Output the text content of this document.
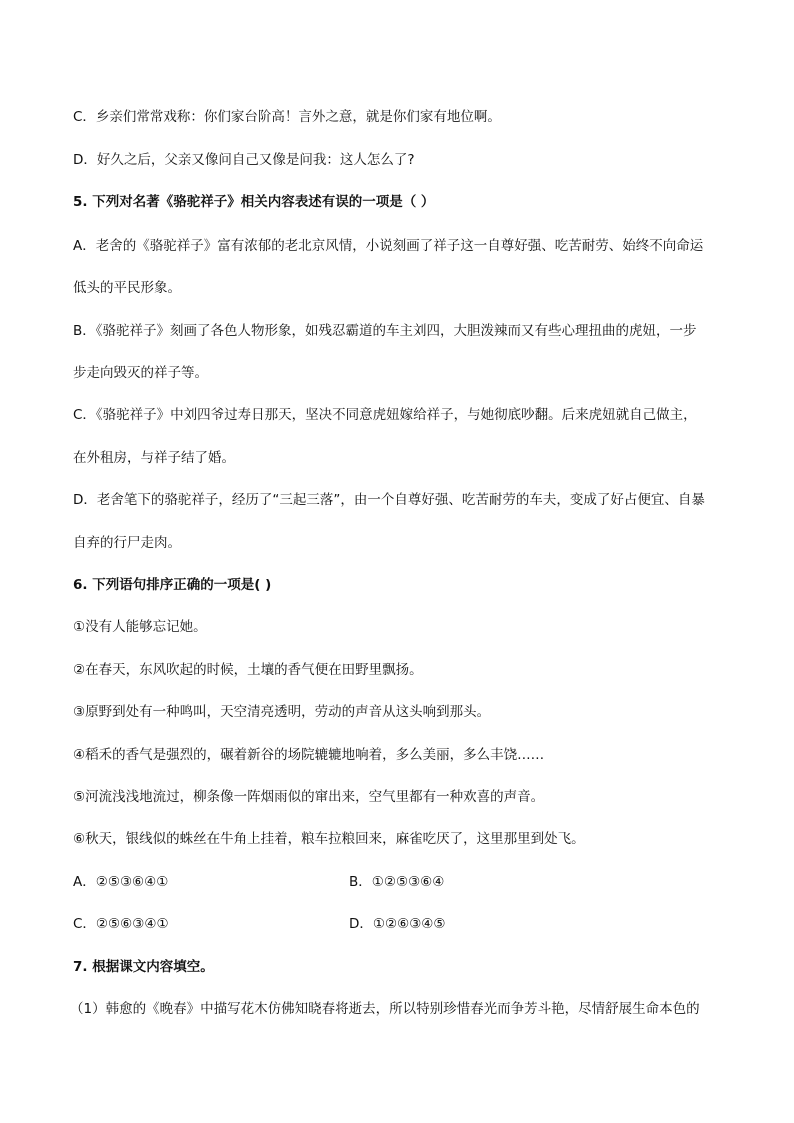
C．乡亲们常常戏称：你们家台阶高！言外之意，就是你们家有地位啊。
D．好久之后，父亲又像问自己又像是问我：这人怎么了?
5. 下列对名著《骆驼祥子》相关内容表述有误的一项是（ ）
A．老舍的《骆驼祥子》富有浓郁的老北京风情，小说刻画了祥子这一自尊好强、吃苦耐劳、始终不向命运
低头的平民形象。
B．《骆驼祥子》刻画了各色人物形象，如残忍霸道的车主刘四，大胆泼辣而又有些心理扭曲的虎妞，一步
步走向毁灭的祥子等。
C．《骆驼祥子》中刘四爷过寿日那天，坚决不同意虎妞嫁给祥子，与她彻底吵翻。后来虎妞就自己做主，
在外租房，与祥子结了婚。
D．老舍笔下的骆驼祥子，经历了“三起三落”，由一个自尊好强、吃苦耐劳的车夫，变成了好占便宜、自暴
自弃的行尸走肉。
6. 下列语句排序正确的一项是( )
①没有人能够忘记她。
②在春天，东风吹起的时候，土壤的香气便在田野里飘扬。
③原野到处有一种鸣叫，天空清亮透明，劳动的声音从这头响到那头。
④稻禾的香气是强烈的，碾着新谷的场院辘辘地响着，多么美丽，多么丰饶……
⑤河流浅浅地流过，柳条像一阵烟雨似的窜出来，空气里都有一种欢喜的声音。
⑥秋天，银线似的蛛丝在牛角上挂着，粮车拉粮回来，麻雀吃厌了，这里那里到处飞。
A．②⑤③⑥④①	B．①②⑤③⑥④
C．②⑤⑥③④①	D．①②⑥③④⑤
7. 根据课文内容填空。
（1）韩愈的《晚春》中描写花木仿佛知晓春将逝去，所以特别珍惜春光而争芳斗艳，尽情舒展生命本色的
